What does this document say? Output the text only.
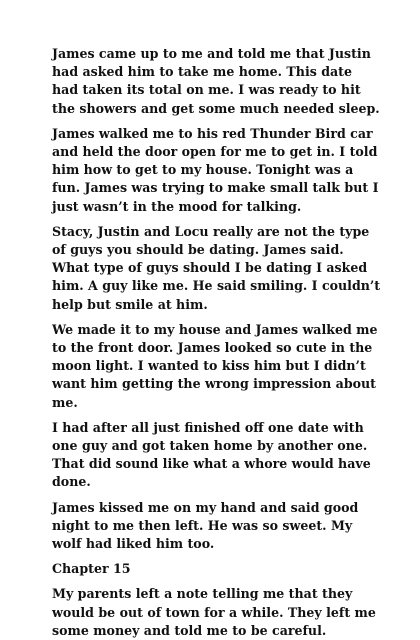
James came up to me and told me that Justin had asked him to take me home. This date had taken its total on me. I was ready to hit the showers and get some much needed sleep.

James walked me to his red Thunder Bird car and held the door open for me to get in. I told him how to get to my house. Tonight was a fun. James was trying to make small talk but I just wasn’t in the mood for talking.

Stacy, Justin and Locu really are not the type of guys you should be dating. James said. What type of guys should I be dating I asked him. A guy like me. He said smiling. I couldn’t help but smile at him.

We made it to my house and James walked me to the front door. James looked so cute in the moon light. I wanted to kiss him but I didn’t want him getting the wrong impression about me.

I had after all just finished off one date with one guy and got taken home by another one. That did sound like what a whore would have done.

James kissed me on my hand and said good night to me then left. He was so sweet. My wolf had liked him too.

Chapter 15

My parents left a note telling me that they would be out of town for a while. They left me some money and told me to be careful.
